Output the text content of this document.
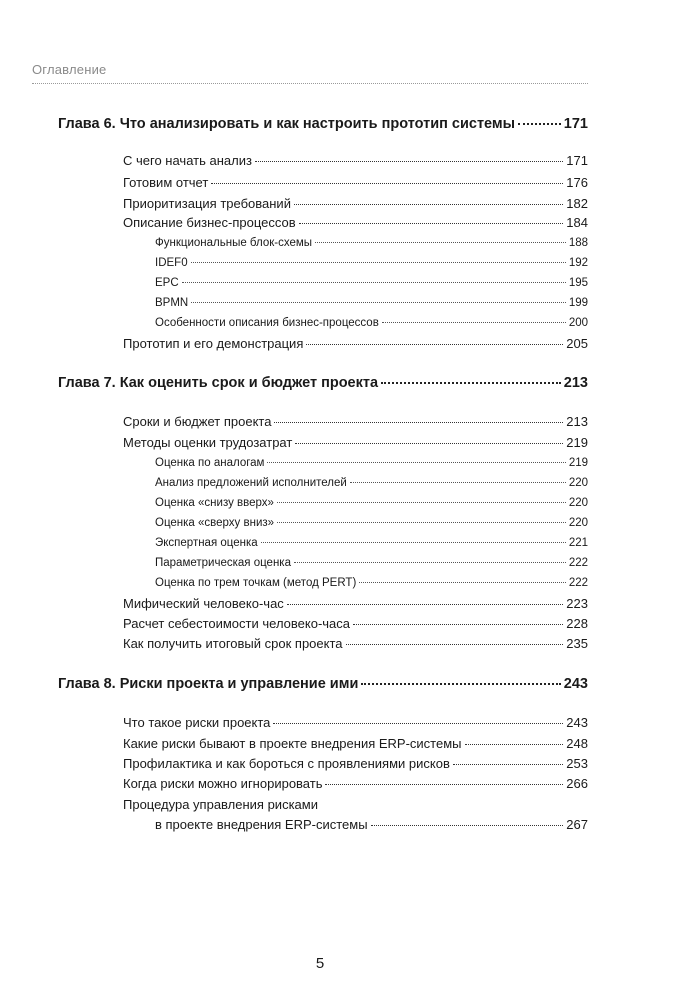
Оглавление
Глава 6. Что анализировать и как настроить прототип системы	171
С чего начать анализ	171
Готовим отчет	176
Приоритизация требований	182
Описание бизнес-процессов	184
Функциональные блок-схемы	188
IDEF0	192
EPC	195
BPMN	199
Особенности описания бизнес-процессов	200
Прототип и его демонстрация	205
Глава 7. Как оценить срок и бюджет проекта	213
Сроки и бюджет проекта	213
Методы оценки трудозатрат	219
Оценка по аналогам	219
Анализ предложений исполнителей	220
Оценка «снизу вверх»	220
Оценка «сверху вниз»	220
Экспертная оценка	221
Параметрическая оценка	222
Оценка по трем точкам (метод PERT)	222
Мифический человеко-час	223
Расчет себестоимости человеко-часа	228
Как получить итоговый срок проекта	235
Глава 8. Риски проекта и управление ими	243
Что такое риски проекта	243
Какие риски бывают в проекте внедрения ERP-системы	248
Профилактика и как бороться с проявлениями рисков	253
Когда риски можно игнорировать	266
Процедура управления рисками
в проекте внедрения ERP-системы	267
5
